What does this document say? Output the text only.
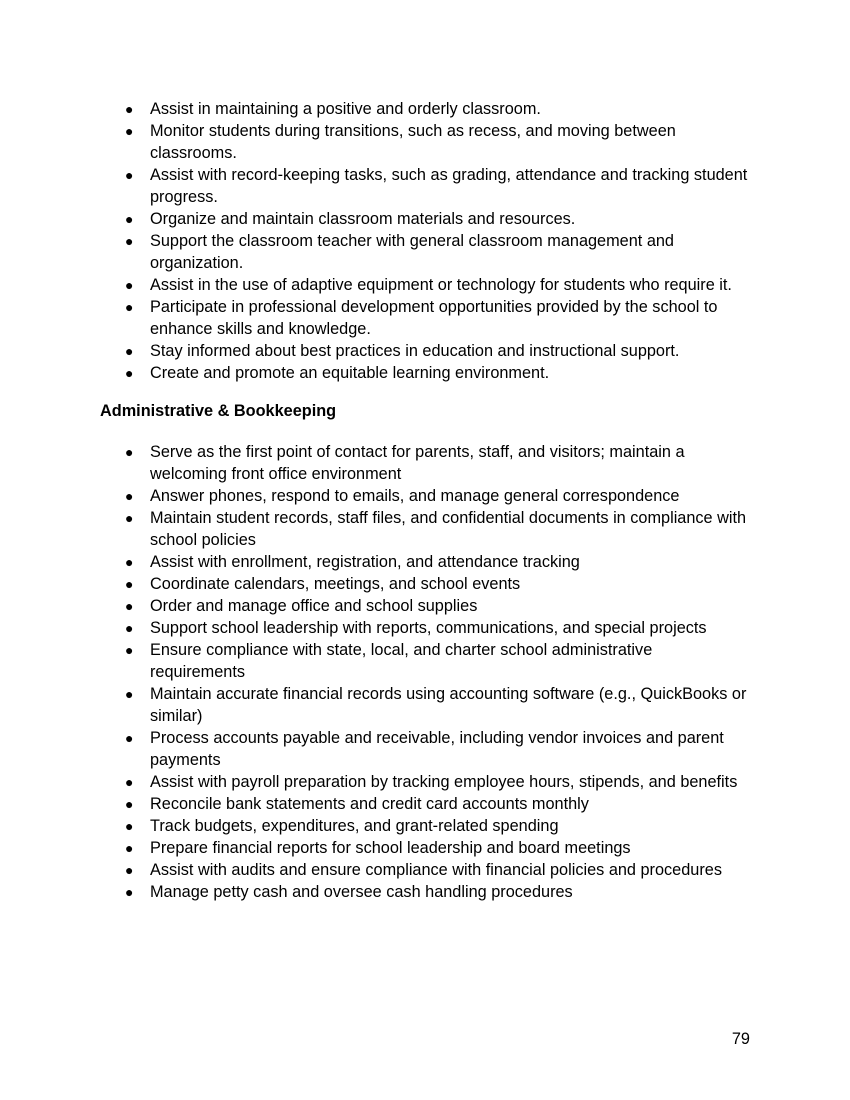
● Assist in maintaining a positive and orderly classroom.
● Monitor students during transitions, such as recess, and moving between classrooms.
● Assist with record-keeping tasks, such as grading, attendance and tracking student progress.
● Organize and maintain classroom materials and resources.
● Support the classroom teacher with general classroom management and organization.
● Assist in the use of adaptive equipment or technology for students who require it.
● Participate in professional development opportunities provided by the school to enhance skills and knowledge.
● Stay informed about best practices in education and instructional support.
● Create and promote an equitable learning environment.
Administrative & Bookkeeping
● Serve as the first point of contact for parents, staff, and visitors; maintain a welcoming front office environment
● Answer phones, respond to emails, and manage general correspondence
● Maintain student records, staff files, and confidential documents in compliance with school policies
● Assist with enrollment, registration, and attendance tracking
● Coordinate calendars, meetings, and school events
● Order and manage office and school supplies
● Support school leadership with reports, communications, and special projects
● Ensure compliance with state, local, and charter school administrative requirements
● Maintain accurate financial records using accounting software (e.g., QuickBooks or similar)
● Process accounts payable and receivable, including vendor invoices and parent payments
● Assist with payroll preparation by tracking employee hours, stipends, and benefits
● Reconcile bank statements and credit card accounts monthly
● Track budgets, expenditures, and grant-related spending
● Prepare financial reports for school leadership and board meetings
● Assist with audits and ensure compliance with financial policies and procedures
● Manage petty cash and oversee cash handling procedures
79
